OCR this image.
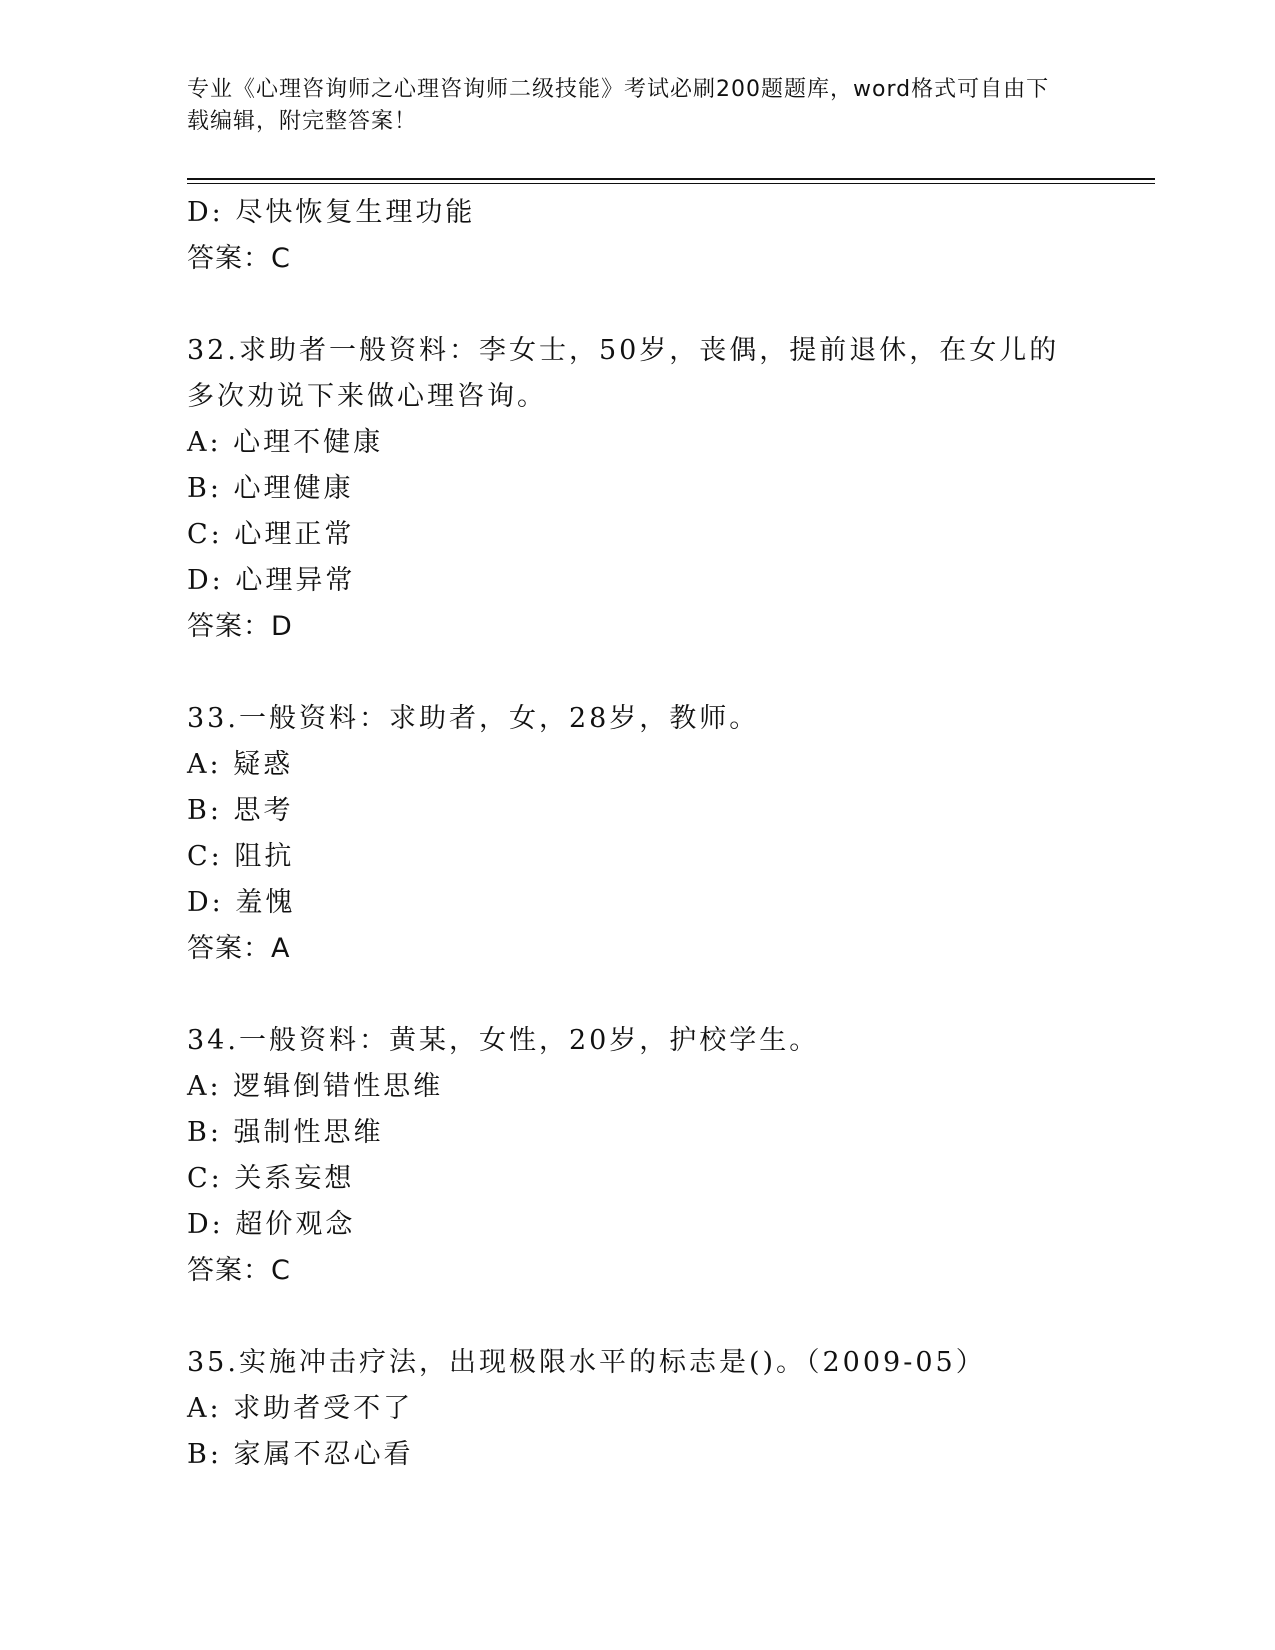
专业《心理咨询师之心理咨询师二级技能》考试必刷200题题库，word格式可自由下载编辑，附完整答案！
D: 尽快恢复生理功能
答案：C
32.求助者一般资料：李女士，50岁，丧偶，提前退休，在女儿的多次劝说下来做心理咨询。
A: 心理不健康
B: 心理健康
C: 心理正常
D: 心理异常
答案：D
33.一般资料：求助者，女，28岁，教师。
A: 疑惑
B: 思考
C: 阻抗
D: 羞愧
答案：A
34.一般资料：黄某，女性，20岁，护校学生。
A: 逻辑倒错性思维
B: 强制性思维
C: 关系妄想
D: 超价观念
答案：C
35.实施冲击疗法，出现极限水平的标志是()。（2009-05）
A: 求助者受不了
B: 家属不忍心看
